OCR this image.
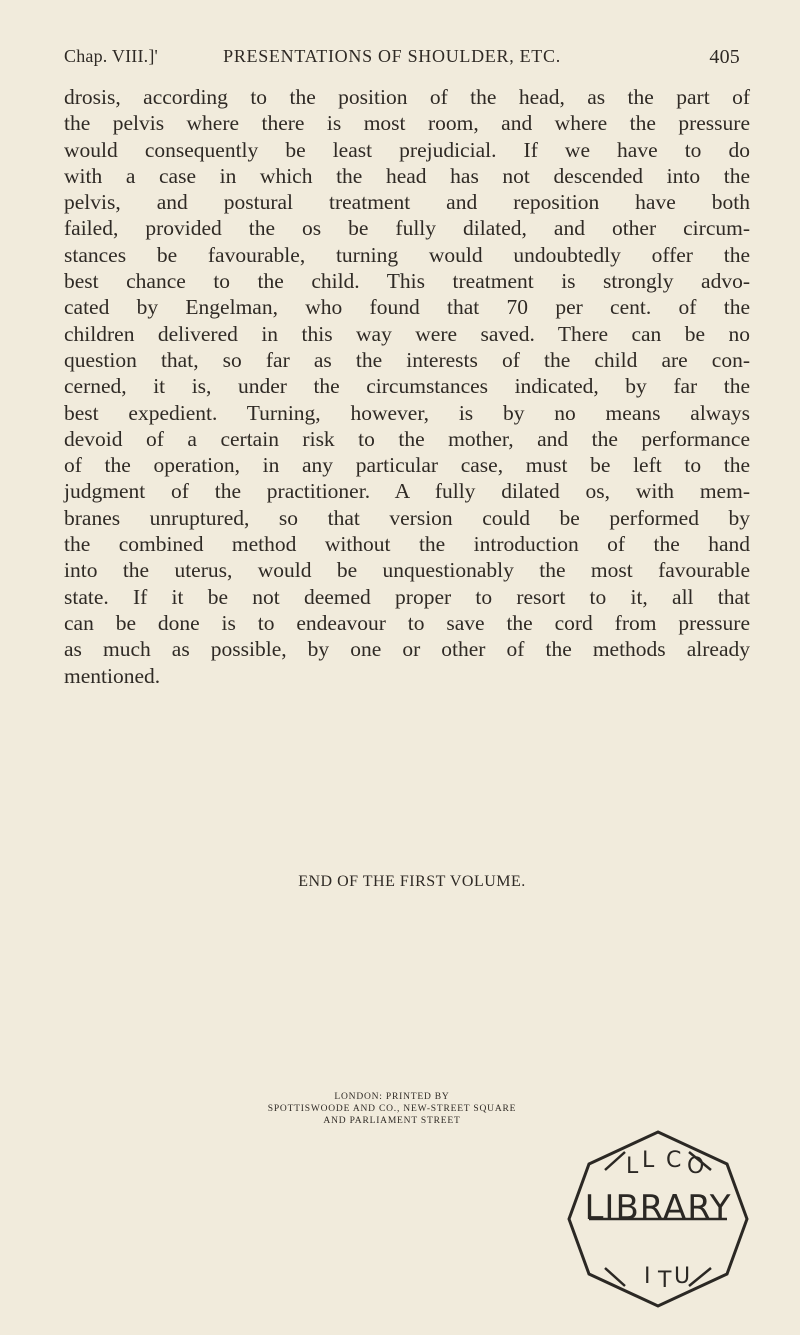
Chap. VIII.]'	PRESENTATIONS OF SHOULDER, ETC.	405
drosis, according to the position of the head, as the part of
the pelvis where there is most room, and where the pressure
would consequently be least prejudicial. If we have to do
with a case in which the head has not descended into the
pelvis, and postural treatment and reposition have both
failed, provided the os be fully dilated, and other circum-
stances be favourable, turning would undoubtedly offer the
best chance to the child. This treatment is strongly advo-
cated by Engelman, who found that 70 per cent. of the
children delivered in this way were saved. There can be no
question that, so far as the interests of the child are con-
cerned, it is, under the circumstances indicated, by far the
best expedient. Turning, however, is by no means always
devoid of a certain risk to the mother, and the performance
of the operation, in any particular case, must be left to the
judgment of the practitioner. A fully dilated os, with mem-
branes unruptured, so that version could be performed by
the combined method without the introduction of the hand
into the uterus, would be unquestionably the most favourable
state. If it be not deemed proper to resort to it, all that
can be done is to endeavour to save the cord from pressure
as much as possible, by one or other of the methods already
mentioned.
END OF THE FIRST VOLUME.
LONDON: PRINTED BY
SPOTTISWOODE AND CO., NEW-STREET SQUARE
AND PARLIAMENT STREET
L L C O
I T U
LIBRARY
